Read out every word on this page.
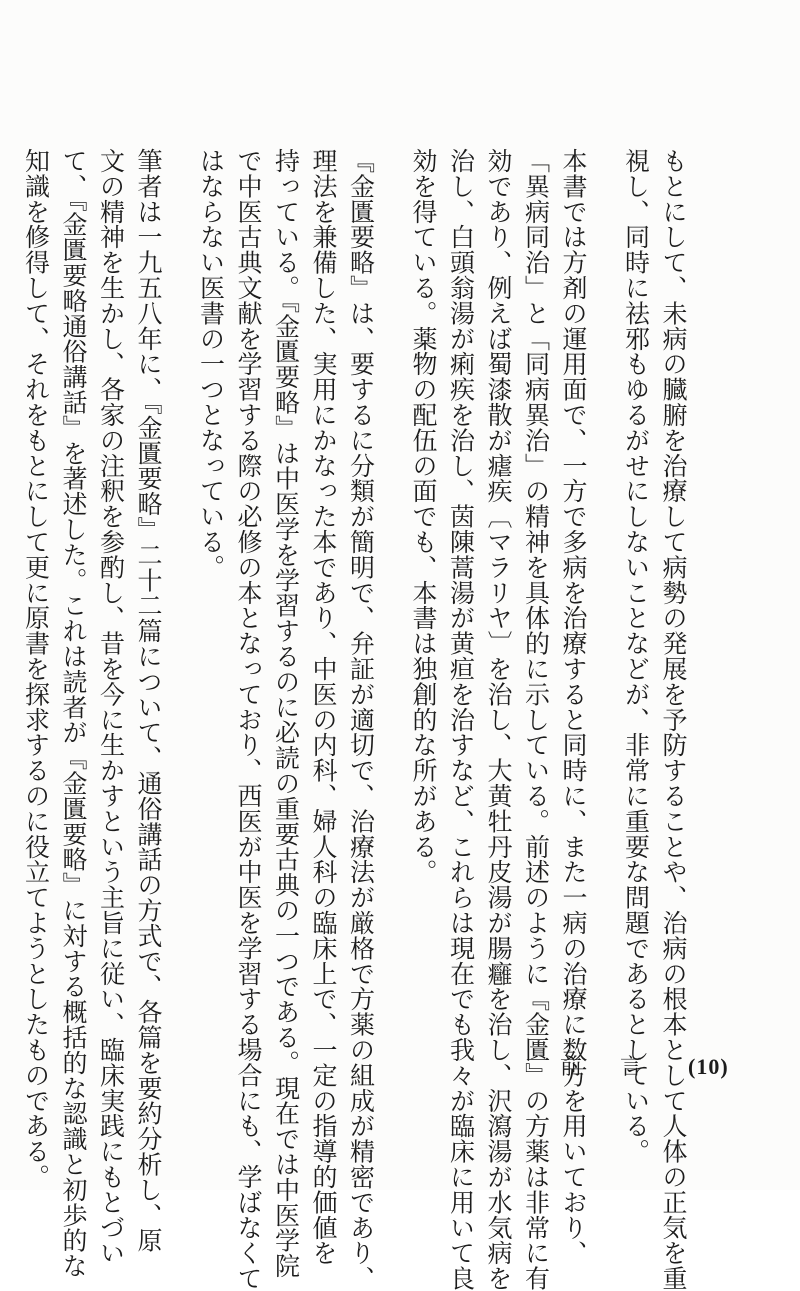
もとにして、未病の臓腑を治療して病勢の発展を予防することや、治病の根本として人体の正気を重
視し、同時に祛邪もゆるがせにしないことなどが、非常に重要な問題であるとしている。
本書では方剤の運用面で、一方で多病を治療すると同時に、また一病の治療に数方を用いており、
「異病同治」と「同病異治」の精神を具体的に示している。前述のように『金匱』の方薬は非常に有
効であり、例えば蜀漆散が瘧疾〔マラリヤ〕を治し、大黄牡丹皮湯が腸癰を治し、沢瀉湯が水気病を
治し、白頭翁湯が痢疾を治し、茵陳蒿湯が黄疸を治すなど、これらは現在でも我々が臨床に用いて良
効を得ている。薬物の配伍の面でも、本書は独創的な所がある。
『金匱要略』は、要するに分類が簡明で、弁証が適切で、治療法が厳格で方薬の組成が精密であり、
理法を兼備した、実用にかなった本であり、中医の内科、婦人科の臨床上で、一定の指導的価値を
持っている。『金匱要略』は中医学を学習するのに必読の重要古典の一つである。現在では中医学院
で中医古典文献を学習する際の必修の本となっており、西医が中医を学習する場合にも、学ばなくて
はならない医書の一つとなっている。
筆者は一九五八年に、『金匱要略』二十二篇について、通俗講話の方式で、各篇を要約分析し、原
文の精神を生かし、各家の注釈を参酌し、昔を今に生かすという主旨に従い、臨床実践にもとづい
て、『金匱要略通俗講話』を著述した。これは読者が『金匱要略』に対する概括的な認識と初歩的な
知識を修得して、それをもとにして更に原書を探求するのに役立てようとしたものである。	前言 (10)
